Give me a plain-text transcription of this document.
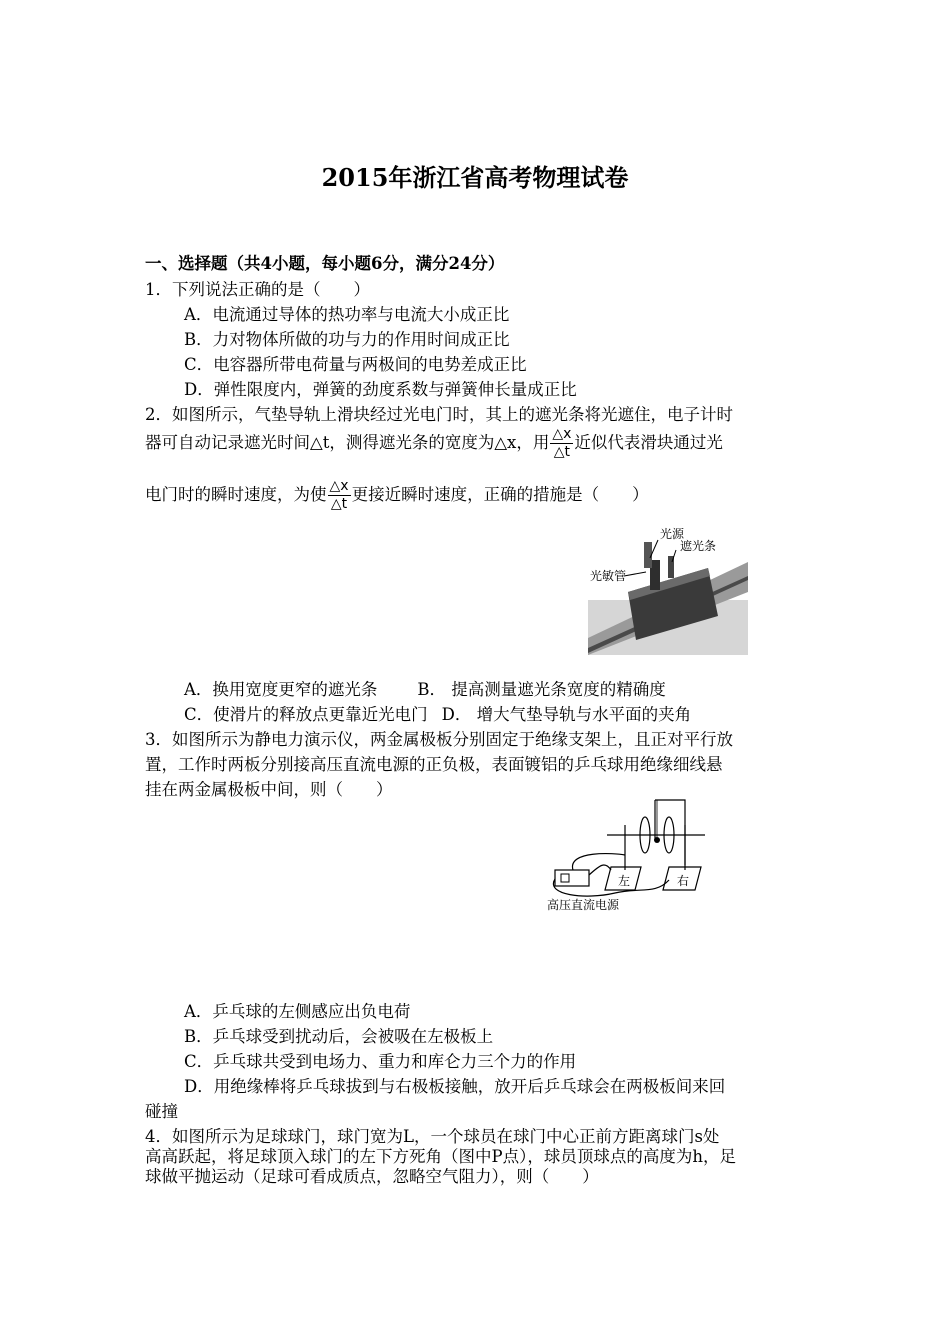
2015年浙江省高考物理试卷
一、选择题（共4小题，每小题6分，满分24分）
1．下列说法正确的是（　　）
A．电流通过导体的热功率与电流大小成正比
B．力对物体所做的功与力的作用时间成正比
C．电容器所带电荷量与两极间的电势差成正比
D．弹性限度内，弹簧的劲度系数与弹簧伸长量成正比
2．如图所示，气垫导轨上滑块经过光电门时，其上的遮光条将光遮住，电子计时
器可自动记录遮光时间△t，测得遮光条的宽度为△x，用 $\frac{\triangle x}{\triangle t}$ 近似代表滑块通过光
电门时的瞬时速度，为使 $\frac{\triangle x}{\triangle t}$ 更接近瞬时速度，正确的措施是（　　）
光源
遮光条
光敏管
A．换用宽度更窄的遮光条 B． 提高测量遮光条宽度的精确度
C．使滑片的释放点更靠近光电门 D． 增大气垫导轨与水平面的夹角
3．如图所示为静电力演示仪，两金属极板分别固定于绝缘支架上，且正对平行放
置，工作时两板分别接高压直流电源的正负极，表面镀铝的乒乓球用绝缘细线悬
挂在两金属极板中间，则（　　）
左	右
高压直流电源
A．乒乓球的左侧感应出负电荷
B．乒乓球受到扰动后，会被吸在左极板上
C．乒乓球共受到电场力、重力和库仑力三个力的作用
D．用绝缘棒将乒乓球拔到与右极板接触，放开后乒乓球会在两极板间来回
碰撞
4．如图所示为足球球门，球门宽为L，一个球员在球门中心正前方距离球门s处
高高跃起，将足球顶入球门的左下方死角（图中P点），球员顶球点的高度为h，足
球做平抛运动（足球可看成质点，忽略空气阻力），则（　　）
